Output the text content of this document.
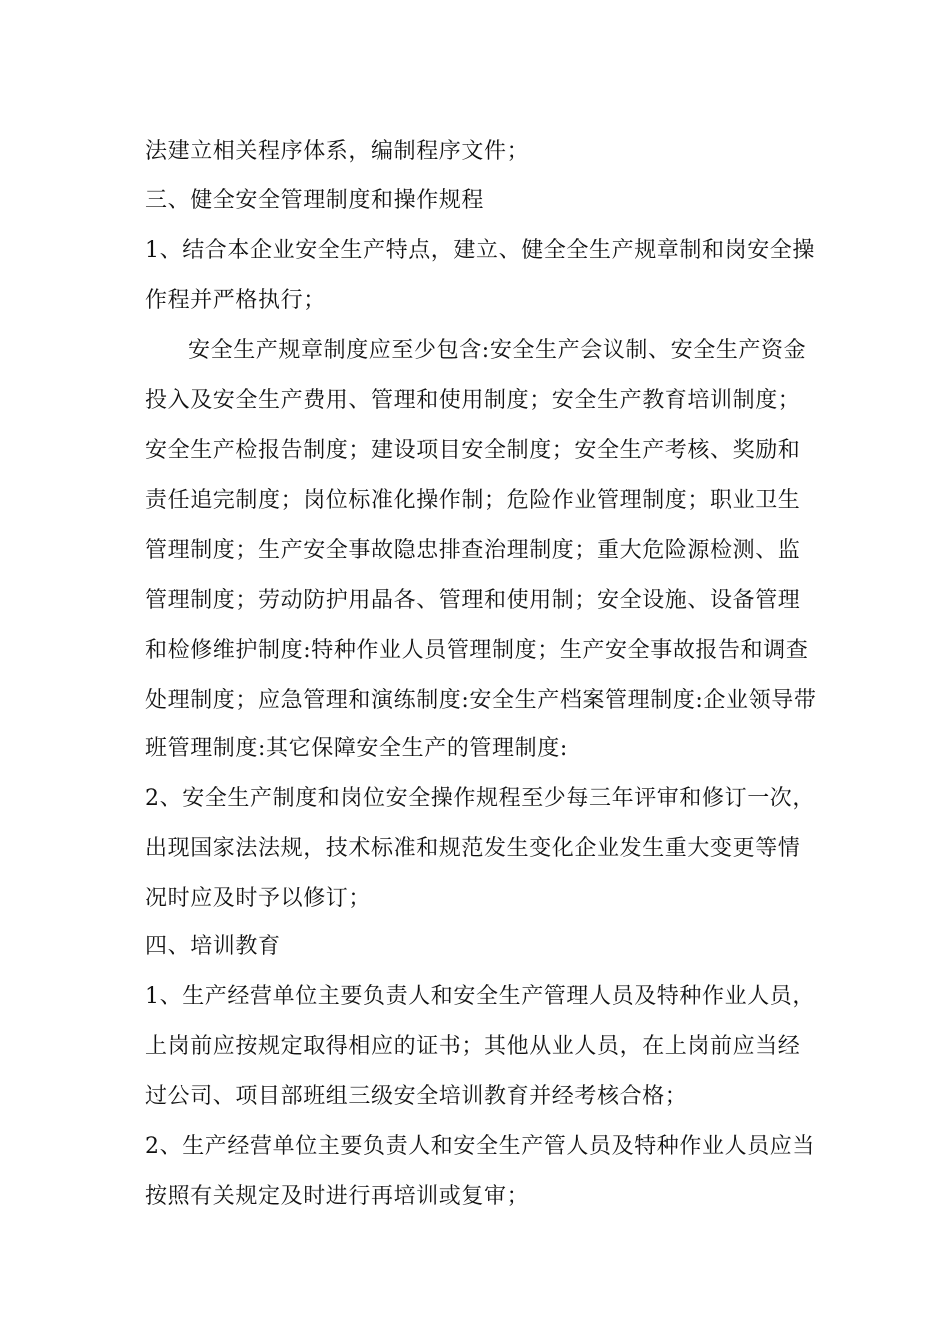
法建立相关程序体系，编制程序文件；
三、健全安全管理制度和操作规程
1、结合本企业安全生产特点，建立、健全全生产规章制和岗安全操
作程并严格执行；
安全生产规章制度应至少包含:安全生产会议制、安全生产资金
投入及安全生产费用、管理和使用制度；安全生产教育培训制度；
安全生产检报告制度；建设项目安全制度；安全生产考核、奖励和
责任追完制度；岗位标准化操作制；危险作业管理制度；职业卫生
管理制度；生产安全事故隐忠排查治理制度；重大危险源检测、监
管理制度；劳动防护用晶各、管理和使用制；安全设施、设备管理
和检修维护制度:特种作业人员管理制度；生产安全事故报告和调查
处理制度；应急管理和演练制度:安全生产档案管理制度:企业领导带
班管理制度:其它保障安全生产的管理制度:
2、安全生产制度和岗位安全操作规程至少每三年评审和修订一次，
出现国家法法规，技术标准和规范发生变化企业发生重大变更等情
况时应及时予以修订；
四、培训教育
1、生产经营单位主要负责人和安全生产管理人员及特种作业人员，
上岗前应按规定取得相应的证书；其他从业人员，在上岗前应当经
过公司、项目部班组三级安全培训教育并经考核合格；
2、生产经营单位主要负责人和安全生产管人员及特种作业人员应当
按照有关规定及时进行再培训或复审；
